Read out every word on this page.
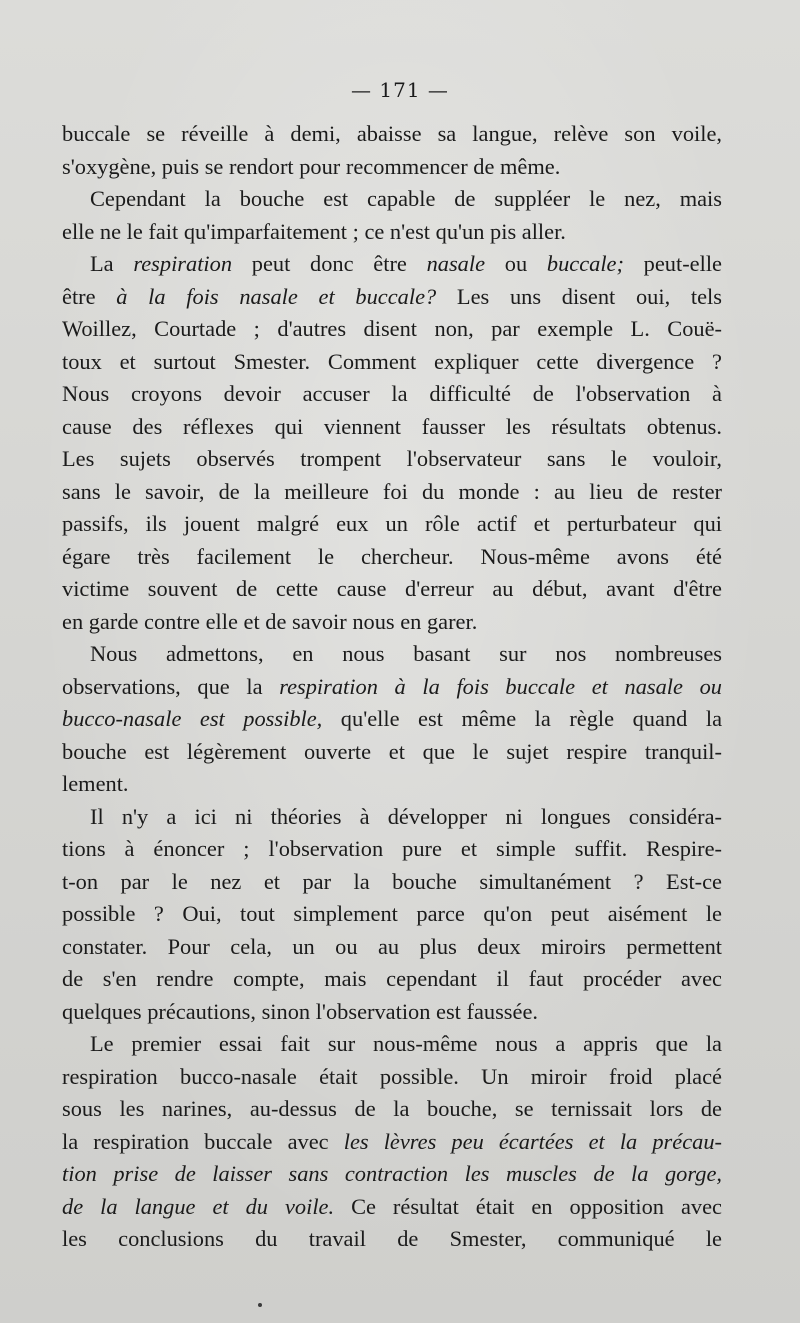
— 171 —
buccale se réveille à demi, abaisse sa langue, relève son voile,
s'oxygène, puis se rendort pour recommencer de même.
Cependant la bouche est capable de suppléer le nez, mais
elle ne le fait qu'imparfaitement ; ce n'est qu'un pis aller.
La respiration peut donc être nasale ou buccale; peut-elle
être à la fois nasale et buccale? Les uns disent oui, tels
Woillez, Courtade ; d'autres disent non, par exemple L. Couë-
toux et surtout Smester. Comment expliquer cette divergence ?
Nous croyons devoir accuser la difficulté de l'observation à
cause des réflexes qui viennent fausser les résultats obtenus.
Les sujets observés trompent l'observateur sans le vouloir,
sans le savoir, de la meilleure foi du monde : au lieu de rester
passifs, ils jouent malgré eux un rôle actif et perturbateur qui
égare très facilement le chercheur. Nous-même avons été
victime souvent de cette cause d'erreur au début, avant d'être
en garde contre elle et de savoir nous en garer.
Nous admettons, en nous basant sur nos nombreuses
observations, que la respiration à la fois buccale et nasale ou
bucco-nasale est possible, qu'elle est même la règle quand la
bouche est légèrement ouverte et que le sujet respire tranquil-
lement.
Il n'y a ici ni théories à développer ni longues considéra-
tions à énoncer ; l'observation pure et simple suffit. Respire-
t-on par le nez et par la bouche simultanément ? Est-ce
possible ? Oui, tout simplement parce qu'on peut aisément le
constater. Pour cela, un ou au plus deux miroirs permettent
de s'en rendre compte, mais cependant il faut procéder avec
quelques précautions, sinon l'observation est faussée.
Le premier essai fait sur nous-même nous a appris que la
respiration bucco-nasale était possible. Un miroir froid placé
sous les narines, au-dessus de la bouche, se ternissait lors de
la respiration buccale avec les lèvres peu écartées et la précau-
tion prise de laisser sans contraction les muscles de la gorge,
de la langue et du voile. Ce résultat était en opposition avec
les conclusions du travail de Smester, communiqué le
